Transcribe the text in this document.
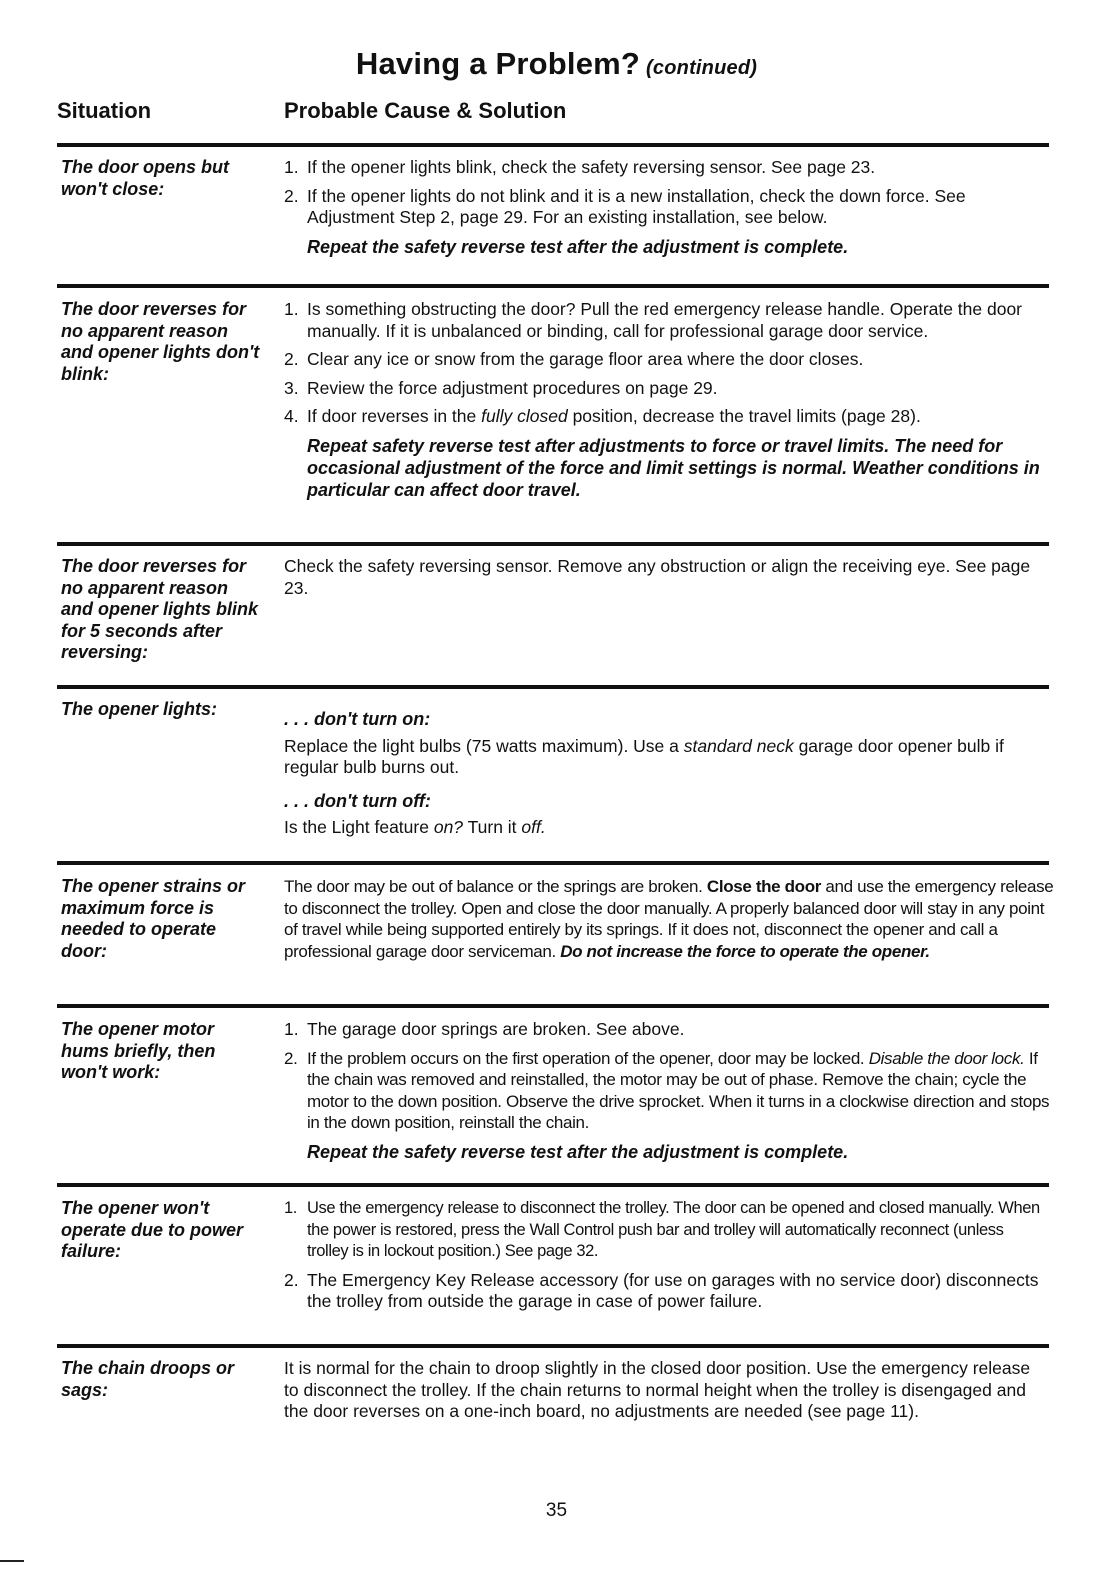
Having a Problem? (continued)
Situation	Probable Cause & Solution
The door opens but won't close:
1. If the opener lights blink, check the safety reversing sensor. See page 23.
2. If the opener lights do not blink and it is a new installation, check the down force. See Adjustment Step 2, page 29. For an existing installation, see below.
Repeat the safety reverse test after the adjustment is complete.
The door reverses for no apparent reason and opener lights don't blink:
1. Is something obstructing the door? Pull the red emergency release handle. Operate the door manually. If it is unbalanced or binding, call for professional garage door service.
2. Clear any ice or snow from the garage floor area where the door closes.
3. Review the force adjustment procedures on page 29.
4. If door reverses in the fully closed position, decrease the travel limits (page 28).
Repeat safety reverse test after adjustments to force or travel limits. The need for occasional adjustment of the force and limit settings is normal. Weather conditions in particular can affect door travel.
The door reverses for no apparent reason and opener lights blink for 5 seconds after reversing:
Check the safety reversing sensor. Remove any obstruction or align the receiving eye. See page 23.
The opener lights:	. . . don't turn on:

Replace the light bulbs (75 watts maximum). Use a standard neck garage door opener bulb if regular bulb burns out.

. . . don't turn off:

Is the Light feature on? Turn it off.

The opener strains or maximum force is needed to operate door:
The door may be out of balance or the springs are broken. Close the door and use the emergency release to disconnect the trolley. Open and close the door manually. A properly balanced door will stay in any point of travel while being supported entirely by its springs. If it does not, disconnect the opener and call a professional garage door serviceman. Do not increase the force to operate the opener.
The opener motor hums briefly, then won't work:
1. The garage door springs are broken. See above.
2. If the problem occurs on the first operation of the opener, door may be locked. Disable the door lock. If the chain was removed and reinstalled, the motor may be out of phase. Remove the chain; cycle the motor to the down position. Observe the drive sprocket. When it turns in a clockwise direction and stops in the down position, reinstall the chain.
Repeat the safety reverse test after the adjustment is complete.
The opener won't operate due to power failure:
1. Use the emergency release to disconnect the trolley. The door can be opened and closed manually. When the power is restored, press the Wall Control push bar and trolley will automatically reconnect (unless trolley is in lockout position.) See page 32.
2. The Emergency Key Release accessory (for use on garages with no service door) disconnects the trolley from outside the garage in case of power failure.
The chain droops or sags:
It is normal for the chain to droop slightly in the closed door position. Use the emergency release to disconnect the trolley. If the chain returns to normal height when the trolley is disengaged and the door reverses on a one-inch board, no adjustments are needed (see page 11).
35
